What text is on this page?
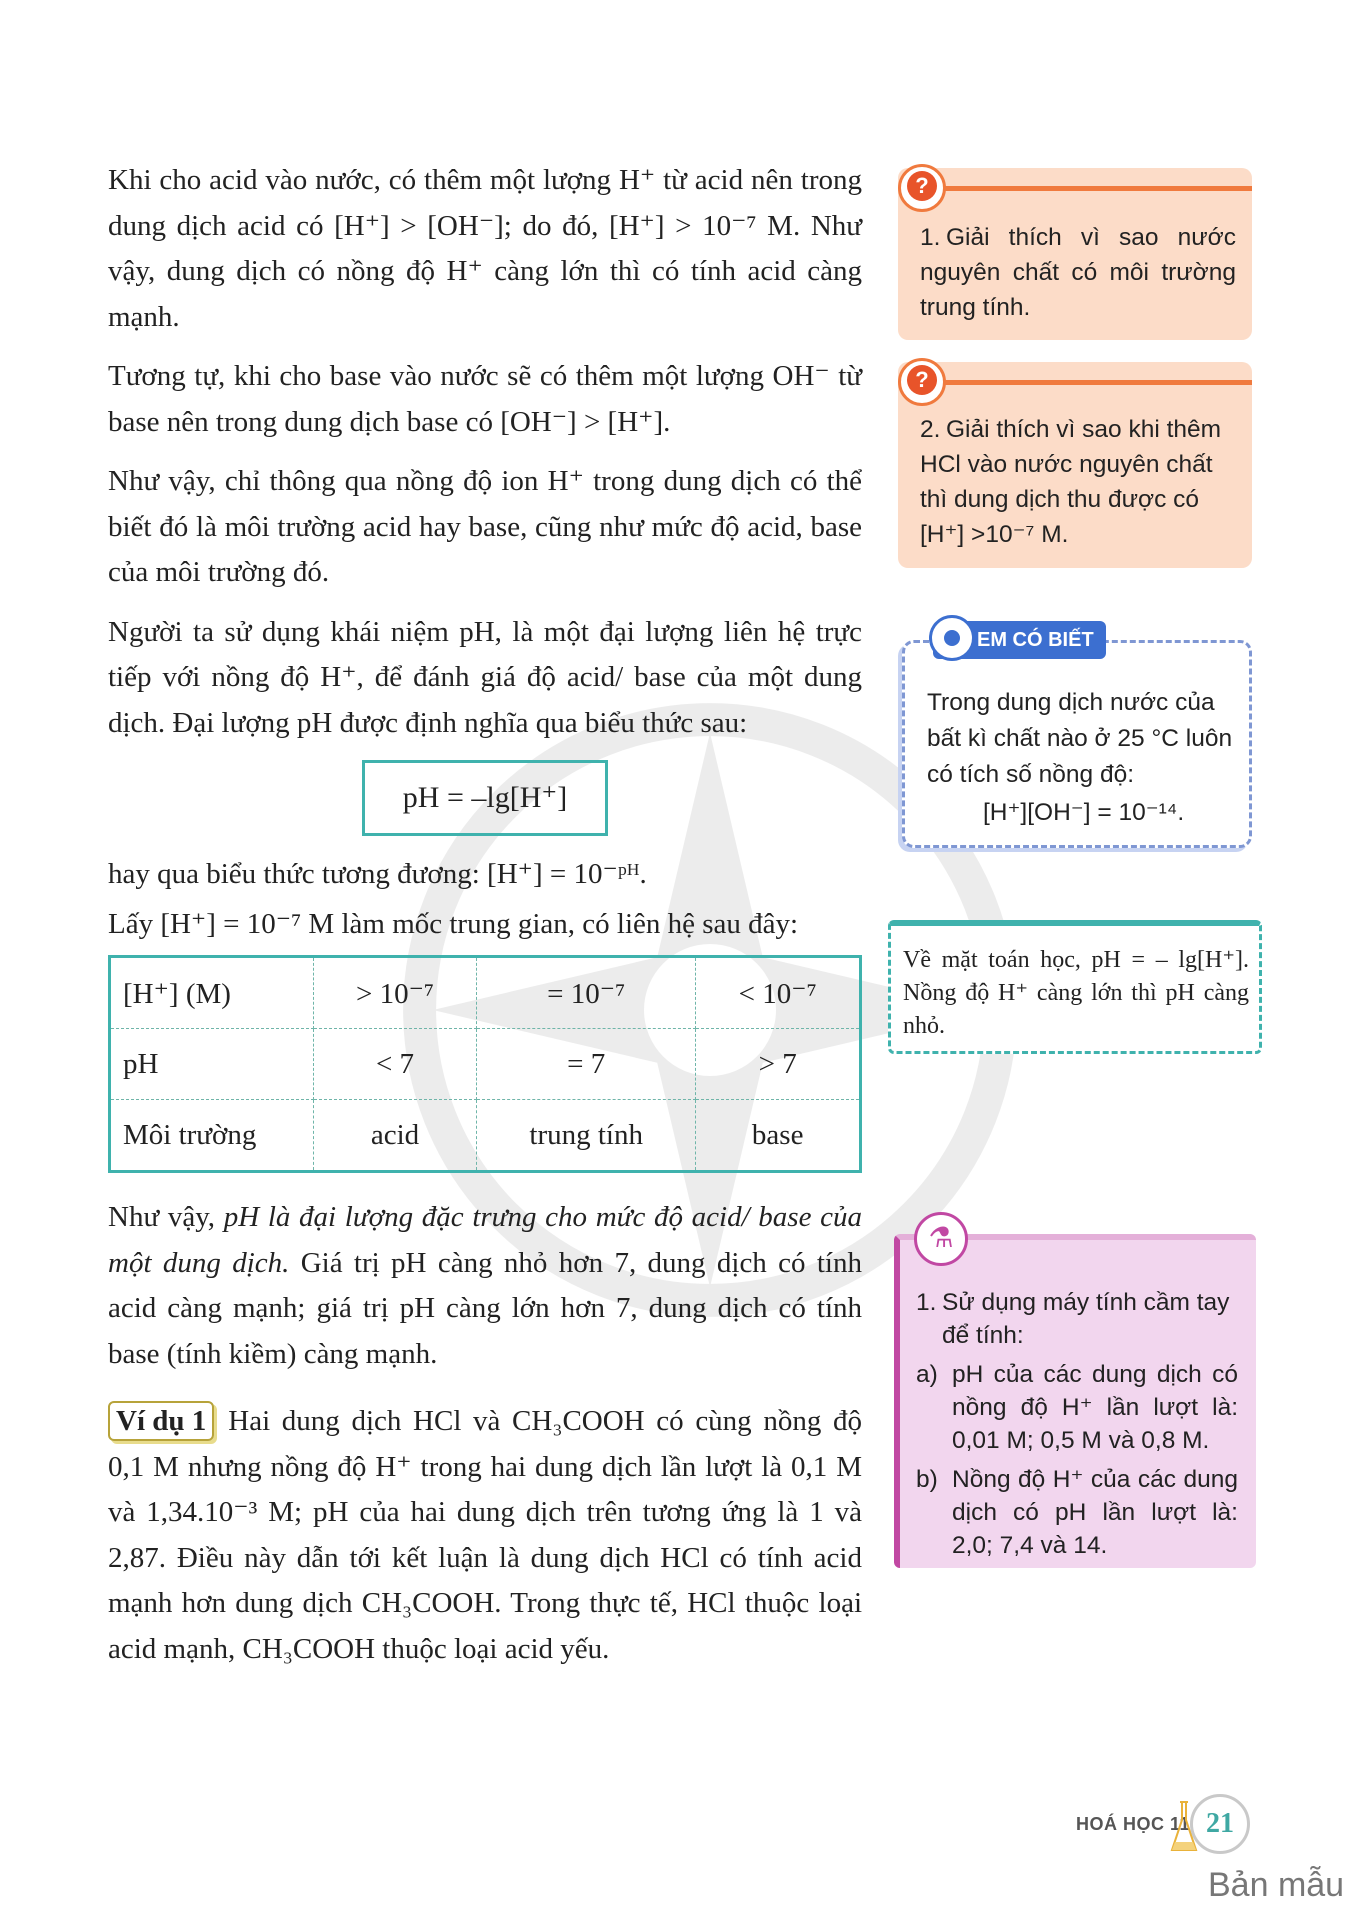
Khi cho acid vào nước, có thêm một lượng H⁺ từ acid nên trong dung dịch acid có [H⁺] > [OH⁻]; do đó, [H⁺] > 10⁻⁷ M. Như vậy, dung dịch có nồng độ H⁺ càng lớn thì có tính acid càng mạnh.

Tương tự, khi cho base vào nước sẽ có thêm một lượng OH⁻ từ base nên trong dung dịch base có [OH⁻] > [H⁺].

Như vậy, chỉ thông qua nồng độ ion H⁺ trong dung dịch có thể biết đó là môi trường acid hay base, cũng như mức độ acid, base của môi trường đó.

Người ta sử dụng khái niệm pH, là một đại lượng liên hệ trực tiếp với nồng độ H⁺, để đánh giá độ acid/ base của một dung dịch. Đại lượng pH được định nghĩa qua biểu thức sau:

pH = –lg[H⁺]

hay qua biểu thức tương đương: [H⁺] = 10⁻ᵖᴴ.

Lấy [H⁺] = 10⁻⁷ M làm mốc trung gian, có liên hệ sau đây:

[H⁺] (M)	> 10⁻⁷	= 10⁻⁷	< 10⁻⁷
pH	< 7	= 7	> 7
Môi trường	acid	trung tính	base

Như vậy, pH là đại lượng đặc trưng cho mức độ acid/ base của một dung dịch. Giá trị pH càng nhỏ hơn 7, dung dịch có tính acid càng mạnh; giá trị pH càng lớn hơn 7, dung dịch có tính base (tính kiềm) càng mạnh.

Ví dụ 1 Hai dung dịch HCl và CH₃COOH có cùng nồng độ 0,1 M nhưng nồng độ H⁺ trong hai dung dịch lần lượt là 0,1 M và 1,34.10⁻³ M; pH của hai dung dịch trên tương ứng là 1 và 2,87. Điều này dẫn tới kết luận là dung dịch HCl có tính acid mạnh hơn dung dịch CH₃COOH. Trong thực tế, HCl thuộc loại acid mạnh, CH₃COOH thuộc loại acid yếu.

?
1. Giải thích vì sao nước nguyên chất có môi trường trung tính.
?
2. Giải thích vì sao khi thêm HCl vào nước nguyên chất thì dung dịch thu được có [H⁺] >10⁻⁷ M.
EM CÓ BIẾT
Trong dung dịch nước của bất kì chất nào ở 25 °C luôn có tích số nồng độ:
[H⁺][OH⁻] = 10⁻¹⁴.
Về mặt toán học, pH = – lg[H⁺]. Nồng độ H⁺ càng lớn thì pH càng nhỏ.
⚗
1. Sử dụng máy tính cầm tay để tính:
a) pH của các dung dịch có nồng độ H⁺ lần lượt là: 0,01 M; 0,5 M và 0,8 M.
b) Nồng độ H⁺ của các dung dịch có pH lần lượt là: 2,0; 7,4 và 14.
HOÁ HỌC 11 21
Bản mẫu
